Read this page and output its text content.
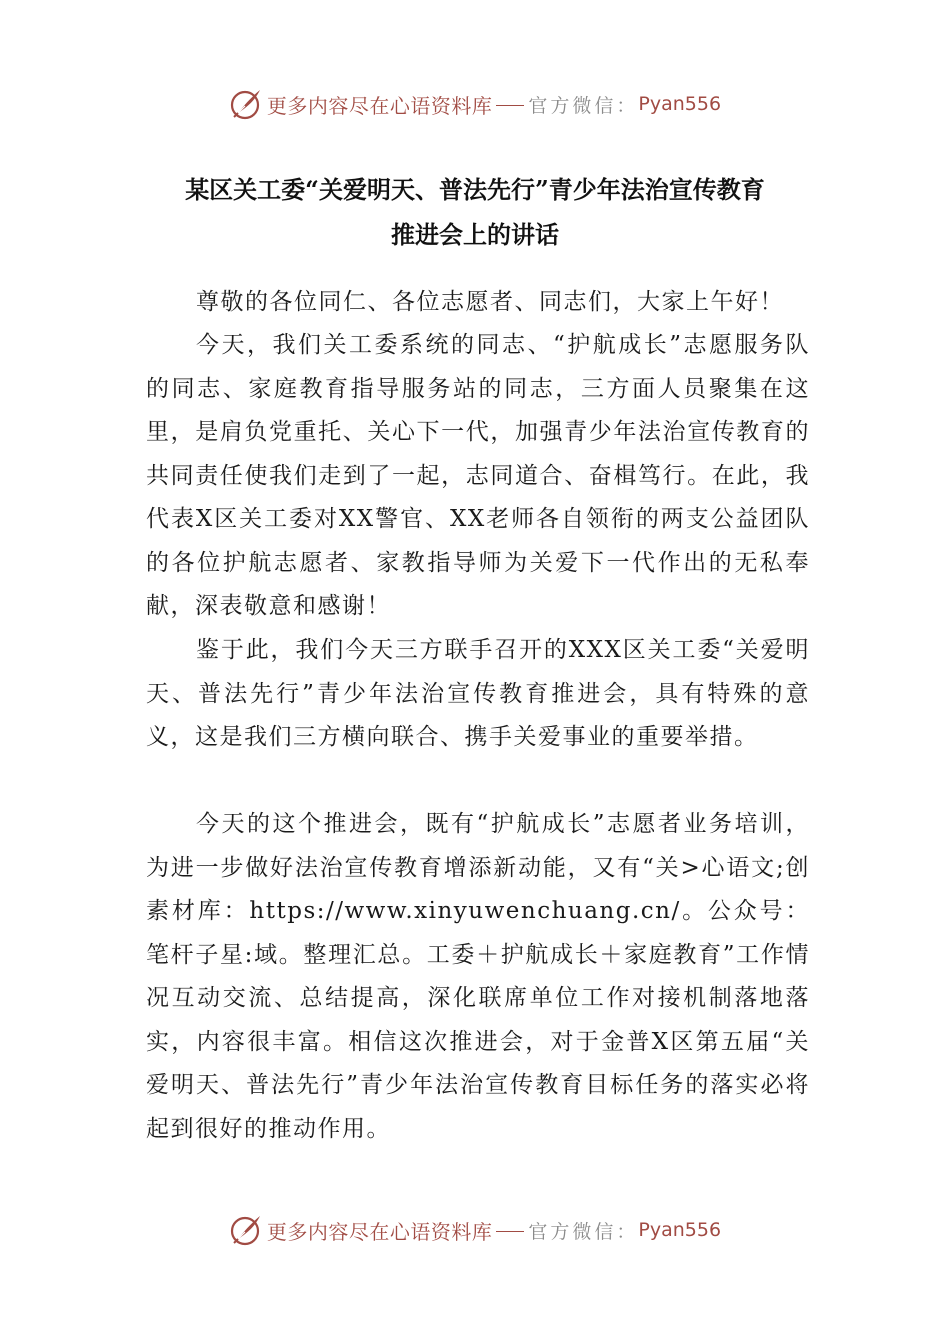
更多内容尽在心语资料库 官方微信： Pyan556
某区关工委“关爱明天、普法先行”青少年法治宣传教育
推进会上的讲话

尊敬的各位同仁、各位志愿者、同志们，大家上午好！

今天，我们关工委系统的同志、“护航成长”志愿服务队的同志、家庭教育指导服务站的同志，三方面人员聚集在这里，是肩负党重托、关心下一代，加强青少年法治宣传教育的共同责任使我们走到了一起，志同道合、奋楫笃行。在此，我代表X区关工委对XX警官、XX老师各自领衔的两支公益团队的各位护航志愿者、家教指导师为关爱下一代作出的无私奉献，深表敬意和感谢！

鉴于此，我们今天三方联手召开的XXX区关工委“关爱明天、普法先行”青少年法治宣传教育推进会，具有特殊的意义，这是我们三方横向联合、携手关爱事业的重要举措。

今天的这个推进会，既有“护航成长”志愿者业务培训，为进一步做好法治宣传教育增添新动能，又有“关>心语文;创素材库：https://www.xinyuwenchuang.cn/。公众号：笔杆子星:域。整理汇总。工委＋护航成长＋家庭教育”工作情况互动交流、总结提高，深化联席单位工作对接机制落地落实，内容很丰富。相信这次推进会，对于金普X区第五届“关爱明天、普法先行”青少年法治宣传教育目标任务的落实必将起到很好的推动作用。

更多内容尽在心语资料库 官方微信： Pyan556
